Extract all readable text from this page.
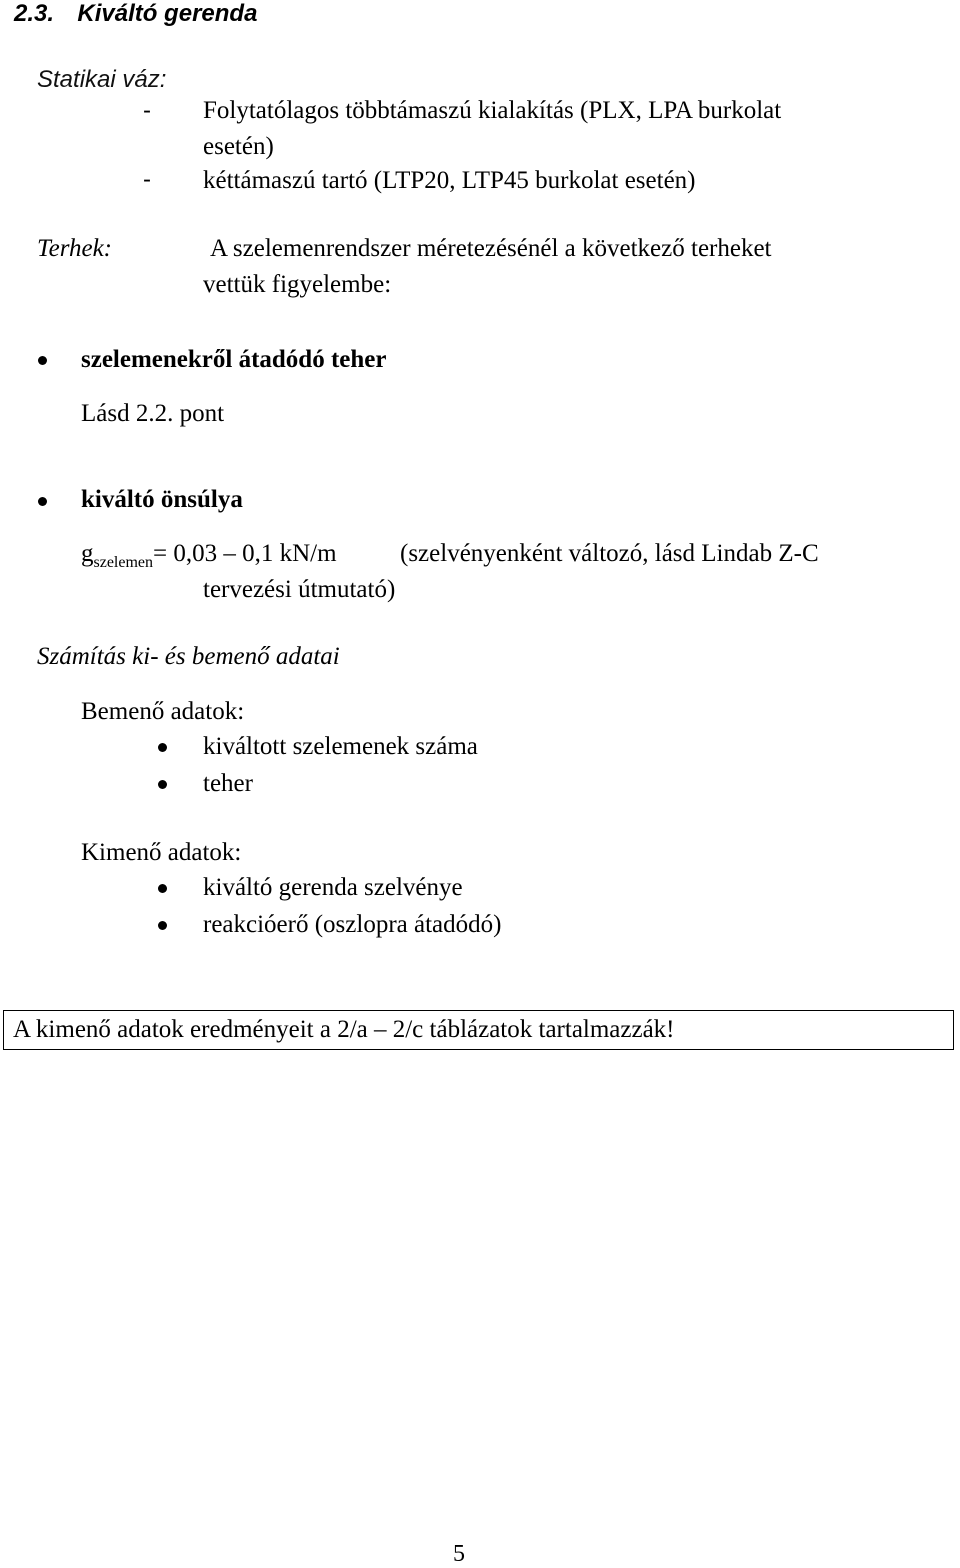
2.3. Kiváltó gerenda
Statikai váz:
- Folytatólagos többtámaszú kialakítás (PLX, LPA burkolat
esetén)
- kéttámaszú tartó (LTP20, LTP45 burkolat esetén)
Terhek:	A szelemenrendszer méretezésénél a következő terheket
vettük figyelembe:
szelemenekről átadódó teher
Lásd 2.2. pont
kiváltó önsúlya
$g_{szelemen}= 0,03 - 0,1$ kN/m	(szelvényenként változó, lásd Lindab Z-C
tervezési útmutató)
Számítás ki- és bemenő adatai
Bemenő adatok:
kiváltott szelemenek száma
teher
Kimenő adatok:
kiváltó gerenda szelvénye
reakcióerő (oszlopra átadódó)
A kimenő adatok eredményeit a 2/a – 2/c táblázatok tartalmazzák!
5
